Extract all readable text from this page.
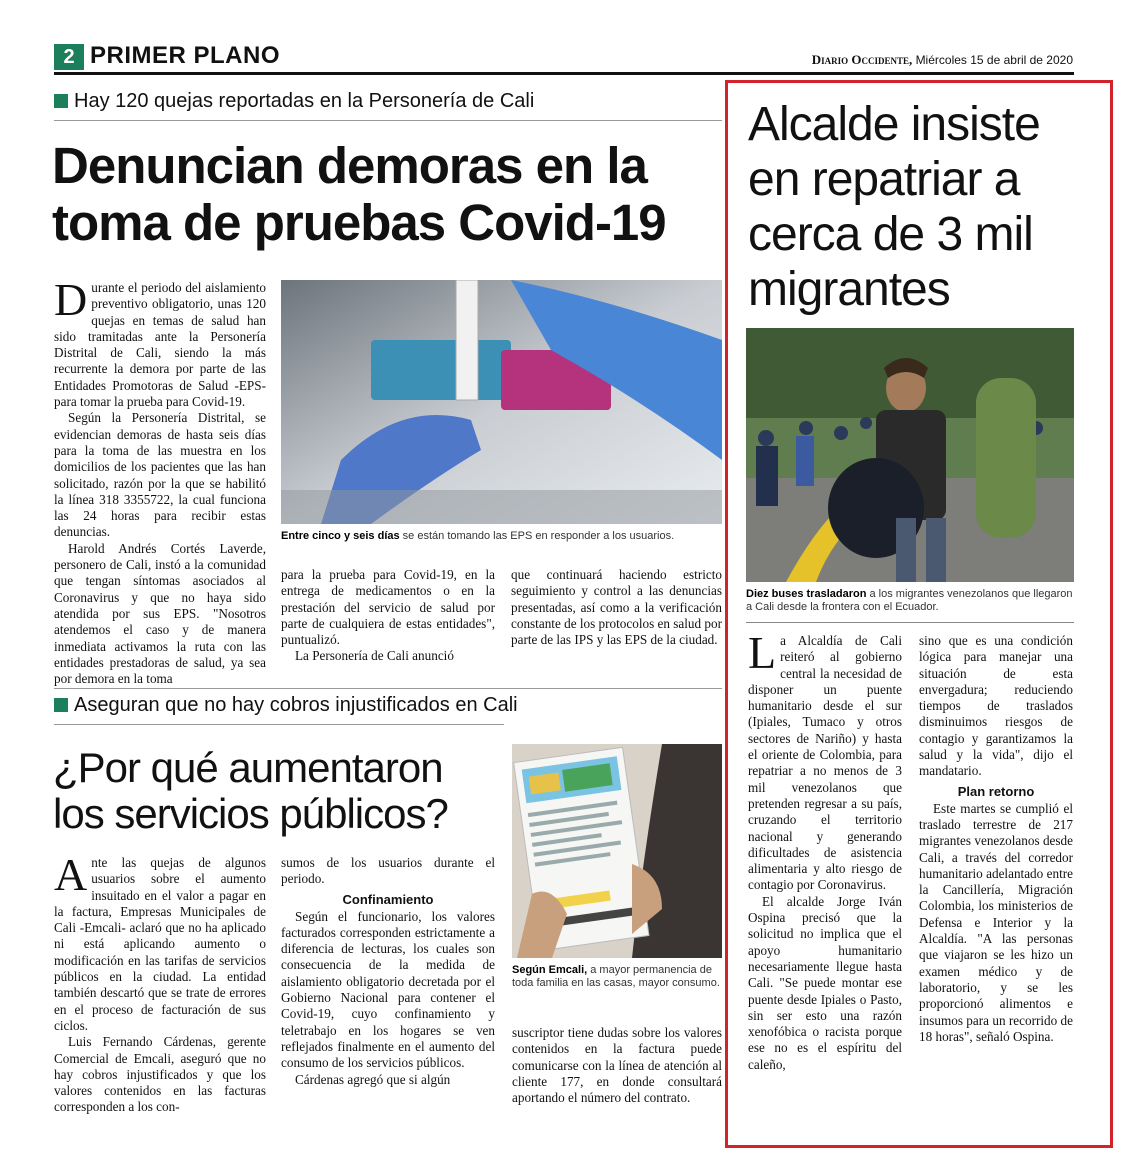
2 PRIMER PLANO	Diario Occidente, Miércoles 15 de abril de 2020
Hay 120 quejas reportadas en la Personería de Cali
Denuncian demoras en la toma de pruebas Covid-19

Durante el periodo del aislamiento preventivo obligatorio, unas 120 quejas en temas de salud han sido tramitadas ante la Personería Distrital de Cali, siendo la más recurrente la demora por parte de las Entidades Promotoras de Salud -EPS- para tomar la prueba para Covid-19.

Según la Personería Distrital, se evidencian demoras de hasta seis días para la toma de las muestra en los domicilios de los pacientes que las han solicitado, razón por la que se habilitó la línea 318 3355722, la cual funciona las 24 horas para recibir estas denuncias.

Harold Andrés Cortés Laverde, personero de Cali, instó a la comunidad que tengan síntomas asociados al Coronavirus y que no haya sido atendida por sus EPS. "Nosotros atendemos el caso y de manera inmediata activamos la ruta con las entidades prestadoras de salud, ya sea por demora en la toma

Entre cinco y seis días se están tomando las EPS en responder a los usuarios.

para la prueba para Covid-19, en la entrega de medicamentos o en la prestación del servicio de salud por parte de cualquiera de estas entidades", puntualizó.

La Personería de Cali anunció

que continuará haciendo estricto seguimiento y control a las denuncias presentadas, así como a la verificación constante de los protocolos en salud por parte de las IPS y las EPS de la ciudad.

Aseguran que no hay cobros injustificados en Cali
¿Por qué aumentaron los servicios públicos?
Según Emcali, a mayor permanencia de toda familia en las casas, mayor consumo.

Ante las quejas de algunos usuarios sobre el aumento insuitado en el valor a pagar en la factura, Empresas Municipales de Cali -Emcali- aclaró que no ha aplicado ni está aplicando aumento o modificación en las tarifas de servicios públicos en la ciudad. La entidad también descartó que se trate de errores en el proceso de facturación de sus ciclos.

Luis Fernando Cárdenas, gerente Comercial de Emcali, aseguró que no hay cobros injustificados y que los valores contenidos en las facturas corresponden a los con-

sumos de los usuarios durante el periodo.

Confinamiento

Según el funcionario, los valores facturados corresponden estrictamente a diferencia de lecturas, los cuales son consecuencia de la medida de aislamiento obligatorio decretada por el Gobierno Nacional para contener el Covid-19, cuyo confinamiento y teletrabajo en los hogares se ven reflejados finalmente en el aumento del consumo de los servicios públicos.

Cárdenas agregó que si algún

suscriptor tiene dudas sobre los valores contenidos en la factura puede comunicarse con la línea de atención al cliente 177, en donde consultará aportando el número del contrato.

Alcalde insiste en repatriar a cerca de 3 mil migrantes
Diez buses trasladaron a los migrantes venezolanos que llegaron a Cali desde la frontera con el Ecuador.

La Alcaldía de Cali reiteró al gobierno central la necesidad de disponer un puente humanitario desde el sur (Ipiales, Tumaco y otros sectores de Nariño) y hasta el oriente de Colombia, para repatriar a no menos de 3 mil venezolanos que pretenden regresar a su país, cruzando el territorio nacional y generando dificultades de asistencia alimentaria y alto riesgo de contagio por Coronavirus.

El alcalde Jorge Iván Ospina precisó que la solicitud no implica que el apoyo humanitario necesariamente llegue hasta Cali. "Se puede montar ese puente desde Ipiales o Pasto, sin ser esto una razón xenofóbica o racista porque ese no es el espíritu del caleño,

sino que es una condición lógica para manejar una situación de esta envergadura; reduciendo tiempos de traslados disminuimos riesgos de contagio y garantizamos la salud y la vida", dijo el mandatario.

Plan retorno

Este martes se cumplió el traslado terrestre de 217 migrantes venezolanos desde Cali, a través del corredor humanitario adelantado entre la Cancillería, Migración Colombia, los ministerios de Defensa e Interior y la Alcaldía. "A las personas que viajaron se les hizo un examen médico y de laboratorio, y se les proporcionó alimentos e insumos para un recorrido de 18 horas", señaló Ospina.
